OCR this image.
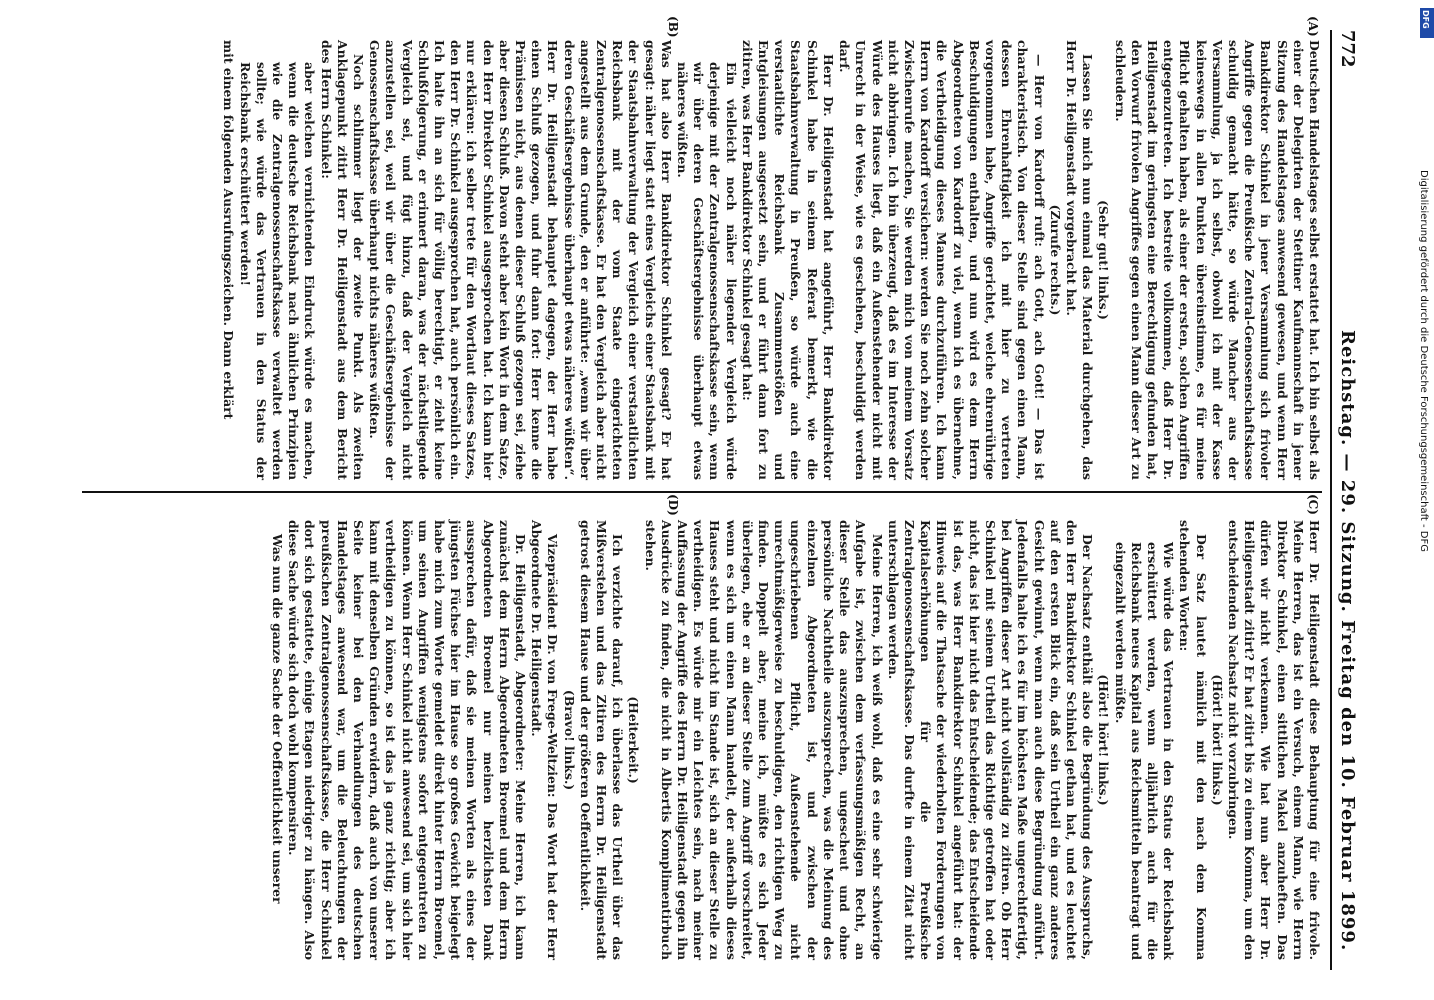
772
Reichstag. — 29. Sitzung.
Freitag den 10. Februar 1899.
(A)
(B)
(C)
(D)

Deutschen Handelstages selbst erstattet hat. Ich bin selbst als einer der Delegirten der Stettiner Kaufmannschaft in jener Sitzung des Handelstages anwesend gewesen, und wenn Herr Bankdirektor Schinkel in jener Versammlung sich frivoler Angriffe gegen die Preußische Zentral-Genossenschaftskasse schuldig gemacht hätte, so würde Mancher aus der Versammlung, ja ich selbst, obwohl ich mit der Kasse keineswegs in allen Punkten übereinstimme, es für meine Pflicht gehalten haben, als einer der ersten, solchen Angriffen entgegenzutreten. Ich bestreite vollkommen, daß Herr Dr. Heiligenstadt im geringsten eine Berechtigung gefunden hat, den Vorwurf frivolen Angriffes gegen einen Mann dieser Art zu schleudern.

(Sehr gut! links.)

Lassen Sie mich nun einmal das Material durchgehen, das Herr Dr. Heiligenstadt vorgebracht hat.

(Zurufe rechts.)

— Herr von Kardorff ruft: ach Gott, ach Gott! — Das ist charakteristisch. Von dieser Stelle sind gegen einen Mann, dessen Ehrenhaftigkeit ich mit hier zu vertreten vorgenommen habe, Angriffe gerichtet, welche ehrenrührige Beschuldigungen enthalten, und nun wird es dem Herrn Abgeordneten von Kardorff zu viel, wenn ich es übernehme, die Vertheidigung dieses Mannes durchzuführen. Ich kann Herrn von Kardorff versichern: werden Sie noch zehn solcher Zwischenrufe machen, Sie werden mich von meinem Vorsatz nicht abbringen. Ich bin überzeugt, daß es im Interesse der Würde des Hauses liegt, daß ein Außenstehender nicht mit Unrecht in der Weise, wie es geschehen, beschuldigt werden darf.

Herr Dr. Heiligenstadt hat angeführt, Herr Bankdirektor Schinkel habe in seinem Referat bemerkt, wie die Staatsbahnverwaltung in Preußen, so würde auch eine verstaatlichte Reichsbank Zusammenstößen und Entgleisungen ausgesetzt sein, und er führt dann fort zu zitiren, was Herr Bankdirektor Schinkel gesagt hat:

Ein vielleicht noch näher liegender Vergleich würde derjenige mit der Zentralgenossenschaftskasse sein, wenn wir über deren Geschäftsergebnisse überhaupt etwas näheres wüßten.

Was hat also Herr Bankdirektor Schinkel gesagt? Er hat gesagt: näher liegt statt eines Vergleichs einer Staatsbank mit der Staatsbahnverwaltung der Vergleich einer verstaatlichten Reichsbank mit der vom Staate eingerichteten Zentralgenossenschaftskasse. Er hat den Vergleich aber nicht angestellt aus dem Grunde, den er anführte: „wenn wir über deren Geschäftsergebnisse überhaupt etwas näheres wüßten“. Herr Dr. Heiligenstadt behauptet dagegen, der Herr habe einen Schluß gezogen, und fuhr dann fort: Herr kenne die Prämissen nicht, aus denen dieser Schluß gezogen sei, ziehe aber diesen Schluß. Davon steht aber kein Wort in dem Satze, den Herr Direktor Schinkel ausgesprochen hat. Ich kann hier nur erklären: ich selber trete für den Wortlaut dieses Satzes, den Herr Dr. Schinkel ausgesprochen hat, auch persönlich ein. Ich halte ihn an sich für völlig berechtigt, er zieht keine Schlußfolgerung, er erinnert daran, was der nächstliegende Vergleich sei, und fügt hinzu, daß der Vergleich nicht anzustellen sei, weil wir über die Geschäftsergebnisse der Genossenschaftskasse überhaupt nichts näheres wüßten.

Noch schlimmer liegt der zweite Punkt. Als zweiten Anklagepunkt zitirt Herr Dr. Heiligenstadt aus dem Bericht des Herrn Schinkel:

aber welchen vernichtenden Eindruck würde es machen, wenn die deutsche Reichsbank nach ähnlichen Prinzipien wie die Zentralgenossenschaftskasse verwaltet werden sollte; wie würde das Vertrauen in den Status der Reichsbank erschüttert werden!

mit einem folgenden Ausrufungszeichen. Dann erklärt

Herr Dr. Heiligenstadt diese Behauptung für eine frivole. Meine Herren, das ist ein Versuch, einem Mann, wie Herrn Direktor Schinkel, einen sittlichen Makel anzuheften. Das dürfen wir nicht verkennen. Wie hat nun aber Herr Dr. Heiligenstadt zitirt? Er hat zitirt bis zu einem Komma, um den entscheidenden Nachsatz nicht vorzubringen.

(Hört! hört! links.)

Der Satz lautet nämlich mit den nach dem Komma stehenden Worten:

Wie würde das Vertrauen in den Status der Reichsbank erschüttert werden, wenn alljährlich auch für die Reichsbank neues Kapital aus Reichsmitteln beantragt und eingezahlt werden müßte.

(Hört! hört! links.)

Der Nachsatz enthält also die Begründung des Ausspruchs, den Herr Bankdirektor Schinkel gethan hat, und es leuchtet auf den ersten Blick ein, daß sein Urtheil ein ganz anderes Gesicht gewinnt, wenn man auch diese Begründung anführt. Jedenfalls halte ich es für im höchsten Maße ungerechtfertigt, bei Angriffen dieser Art nicht vollständig zu zitiren. Ob Herr Schinkel mit seinem Urtheil das Richtige getroffen hat oder nicht, das ist hier nicht das Entscheidende; das Entscheidende ist das, was Herr Bankdirektor Schinkel angeführt hat: der Hinweis auf die Thatsache der wiederholten Forderungen von Kapitalserhöhungen für die Preußische Zentralgenossenschaftskasse. Das durfte in einem Zitat nicht unterschlagen werden.

Meine Herren, ich weiß wohl, daß es eine sehr schwierige Aufgabe ist, zwischen dem verfassungsmäßigen Recht, an dieser Stelle das auszusprechen, ungescheut und ohne persönliche Nachtheile auszusprechen, was die Meinung des einzelnen Abgeordneten ist, und zwischen der ungeschriebenen Pflicht, Außenstehende nicht unrechtmäßigerweise zu beschuldigen, den richtigen Weg zu finden. Doppelt aber, meine ich, müßte es sich Jeder überlegen, ehe er an dieser Stelle zum Angriff vorschreitet, wenn es sich um einen Mann handelt, der außerhalb dieses Hauses steht und nicht im Stande ist, sich an dieser Stelle zu vertheidigen. Es würde mir ein Leichtes sein, nach meiner Auffassung der Angriffe des Herrn Dr. Heiligenstadt gegen ihn Ausdrücke zu finden, die nicht in Albertis Komplimentirbuch stehen.

(Heiterkeit.)

Ich verzichte darauf, ich überlasse das Urtheil über das Mißverstehen und das Zitiren des Herrn Dr. Heiligenstadt getrost diesem Hause und der größeren Oeffentlichkeit.

(Bravo! links.)

Vizepräsident Dr. von Frege-Weltzien: Das Wort hat der Herr Abgeordnete Dr. Heiligenstadt.

Dr. Heiligenstadt, Abgeordneter: Meine Herren, ich kann zunächst dem Herrn Abgeordneten Broemel und dem Herrn Abgeordneten Broemel nur meinen herzlichsten Dank aussprechen dafür, daß sie meinen Worten als eines der jüngsten Füchse hier im Hause so großes Gewicht beigelegt habe mich zum Worte gemeldet direkt hinter Herrn Broemel, um seinen Angriffen wenigstens sofort entgegentreten zu können. Wenn Herr Schinkel nicht anwesend sei, um sich hier vertheidigen zu können, so ist das ja ganz richtig; aber ich kann mit denselben Gründen erwidern, daß auch von unserer Seite keiner bei den Verhandlungen des deutschen Handelstages anwesend war, um die Beleuchtungen der preußischen Zentralgenossenschaftskasse, die Herr Schinkel dort sich gestattete, einige Etagen niedriger zu hängen. Also diese Sache würde sich doch wohl kompensiren.

Was nun die ganze Sache der Oeffentlichkeit unserer

DFG
Digitalisierung gefördert durch die Deutsche Forschungsgemeinschaft - DFG
